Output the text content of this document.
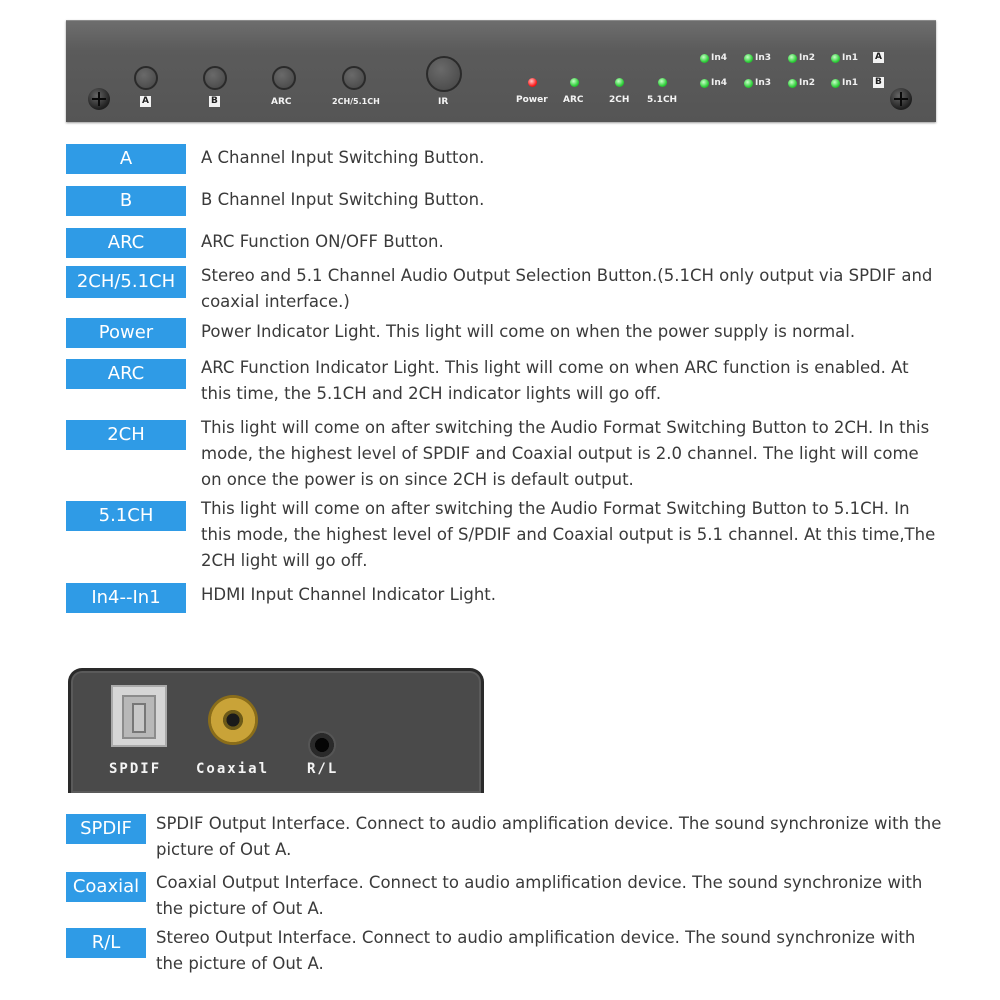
A	B	ARC	2CH/5.1CH	IR	Power ARC	2CH 5.1CH
In4	In3	In2	In1 A
In4	In3	In2	In1 B
A	A Channel Input Switching Button.
B	B Channel Input Switching Button.
ARC	ARC Function ON/OFF Button.
2CH/5.1CH	Stereo and 5.1 Channel Audio Output Selection Button.(5.1CH only output via SPDIF and coaxial interface.)
Power	Power Indicator Light. This light will come on when the power supply is normal.
ARC	ARC Function Indicator Light. This light will come on when ARC function is enabled. At this time, the 5.1CH and 2CH indicator lights will go off.
2CH	This light will come on after switching the Audio Format Switching Button to 2CH. In this mode, the highest level of SPDIF and Coaxial output is 2.0 channel. The light will come on once the power is on since 2CH is default output.
5.1CH	This light will come on after switching the Audio Format Switching Button to 5.1CH. In this mode, the highest level of S/PDIF and Coaxial output is 5.1 channel. At this time,The 2CH light will go off.
In4--In1	HDMI Input Channel Indicator Light.
SPDIF Coaxial	R/L
SPDIF	SPDIF Output Interface. Connect to audio amplification device. The sound synchronize with the picture of Out A.
Coaxial	Coaxial Output Interface. Connect to audio amplification device. The sound synchronize with the picture of Out A.
R/L	Stereo Output Interface. Connect to audio amplification device. The sound synchronize with the picture of Out A.
